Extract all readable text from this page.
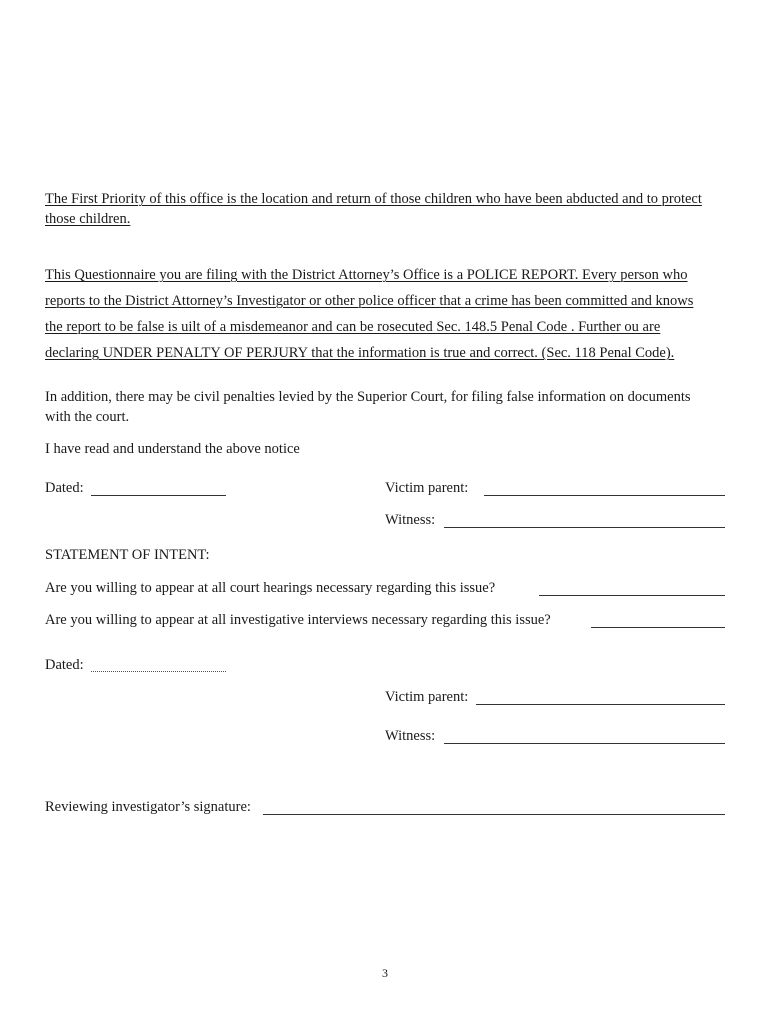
The First Priority of this office is the location and return of those children who have been abducted and to protect
those children.
This Questionnaire you are filing with the District Attorney’s Office is a POLICE REPORT. Every person who
reports to the District Attorney’s Investigator or other police officer that a crime has been committed and knows
the report to be false is uilt of a misdemeanor and can be rosecuted Sec. 148.5 Penal Code . Further ou are
declaring UNDER PENALTY OF PERJURY that the information is true and correct. (Sec. 118 Penal Code).
In addition, there may be civil penalties levied by the Superior Court, for filing false information on documents
with the court.
I have read and understand the above notice
Dated:	Victim parent:
Witness:
STATEMENT OF INTENT:
Are you willing to appear at all court hearings necessary regarding this issue?
Are you willing to appear at all investigative interviews necessary regarding this issue?
Dated:
Victim parent:
Witness:
Reviewing investigator’s signature:
3
